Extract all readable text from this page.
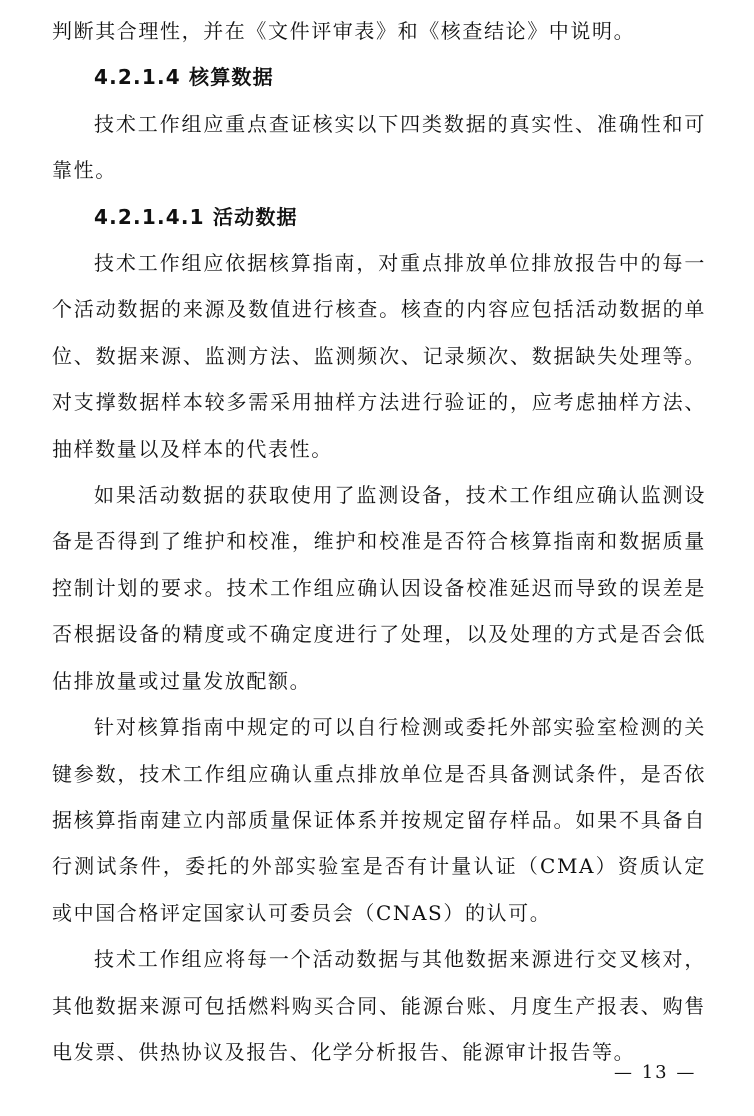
判断其合理性，并在《文件评审表》和《核查结论》中说明。

4.2.1.4 核算数据

技术工作组应重点查证核实以下四类数据的真实性、准确性和可靠性。

4.2.1.4.1 活动数据

技术工作组应依据核算指南，对重点排放单位排放报告中的每一个活动数据的来源及数值进行核查。核查的内容应包括活动数据的单位、数据来源、监测方法、监测频次、记录频次、数据缺失处理等。对支撑数据样本较多需采用抽样方法进行验证的，应考虑抽样方法、抽样数量以及样本的代表性。

如果活动数据的获取使用了监测设备，技术工作组应确认监测设备是否得到了维护和校准，维护和校准是否符合核算指南和数据质量控制计划的要求。技术工作组应确认因设备校准延迟而导致的误差是否根据设备的精度或不确定度进行了处理，以及处理的方式是否会低估排放量或过量发放配额。

针对核算指南中规定的可以自行检测或委托外部实验室检测的关键参数，技术工作组应确认重点排放单位是否具备测试条件，是否依据核算指南建立内部质量保证体系并按规定留存样品。如果不具备自行测试条件，委托的外部实验室是否有计量认证（CMA）资质认定或中国合格评定国家认可委员会（CNAS）的认可。

技术工作组应将每一个活动数据与其他数据来源进行交叉核对，其他数据来源可包括燃料购买合同、能源台账、月度生产报表、购售电发票、供热协议及报告、化学分析报告、能源审计报告等。

— 13 —
